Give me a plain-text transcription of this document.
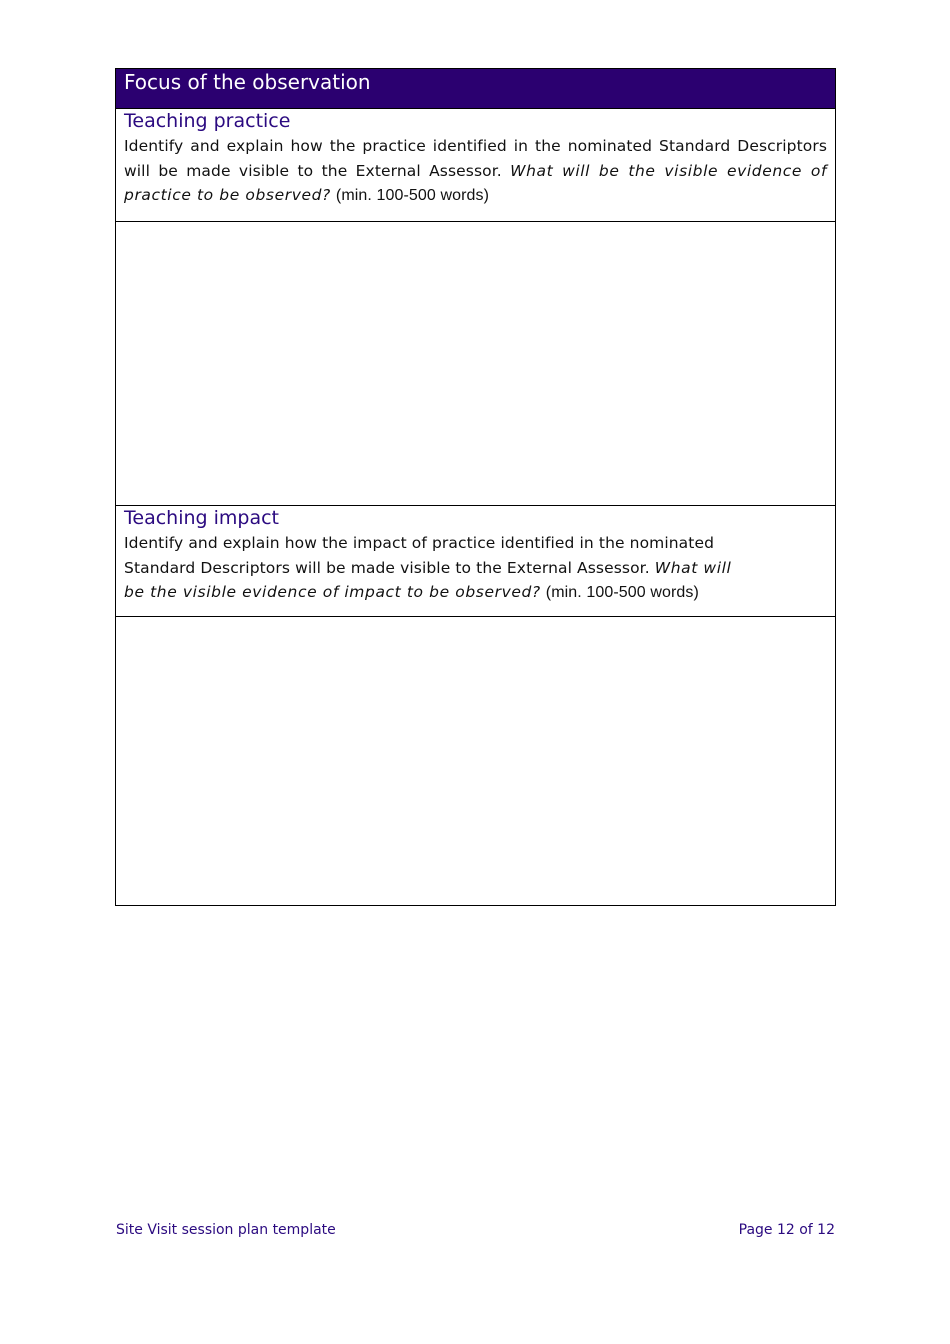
Focus of the observation
Teaching practice

Identify and explain how the practice identified in the nominated Standard Descriptors will be made visible to the External Assessor. What will be the visible evidence of practice to be observed? (min. 100-500 words)

Teaching impact

Identify and explain how the impact of practice identified in the nominated Standard Descriptors will be made visible to the External Assessor. What will be the visible evidence of impact to be observed? (min. 100-500 words)

Site Visit session plan template	Page 12 of 12
